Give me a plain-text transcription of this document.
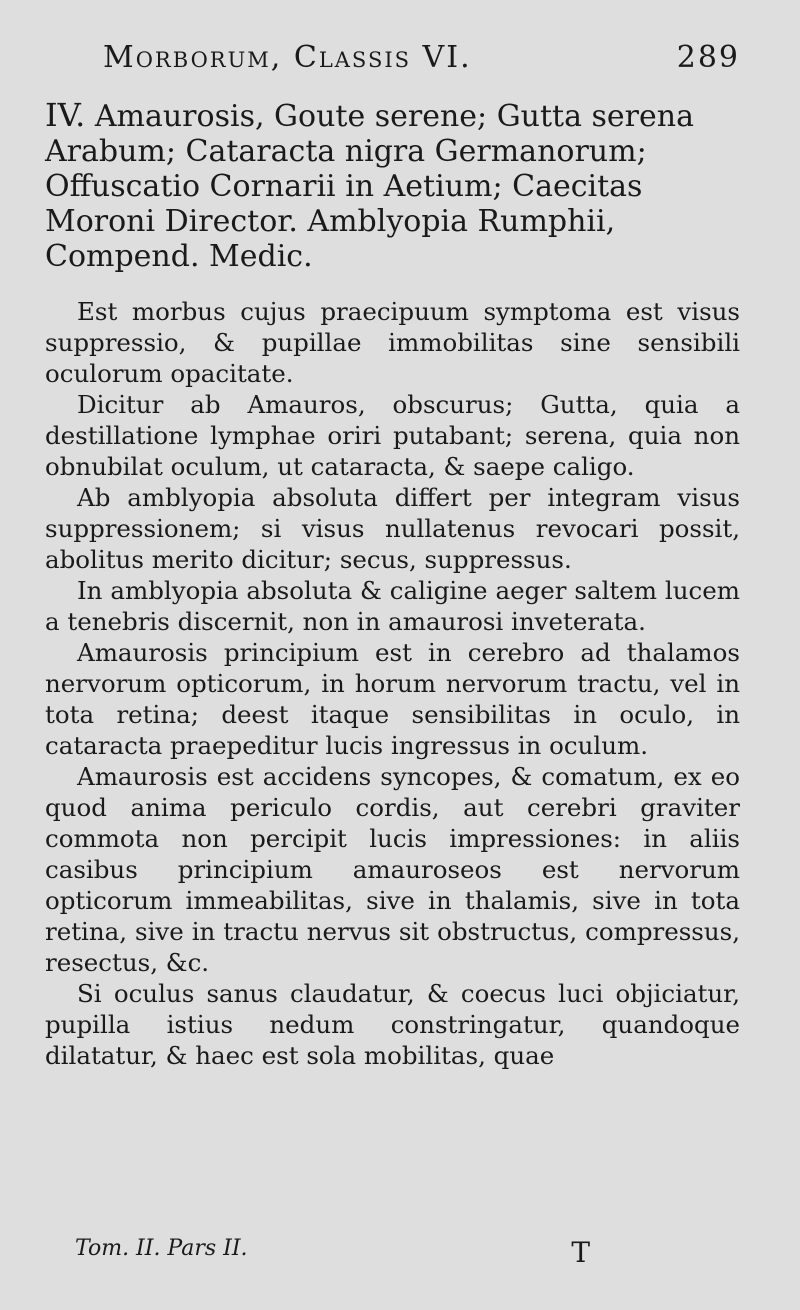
Morborum, Classis VI.	289
IV. Amaurosis, Goute serene; Gutta serena Arabum; Cataracta nigra Germanorum; Offuscatio Cornarii in Aetium; Caecitas Moroni Director. Amblyopia Rumphii, Compend. Medic.

Est morbus cujus praecipuum symptoma est visus suppressio, & pupillae immobilitas sine sensibili oculorum opacitate.

Dicitur ab Amauros, obscurus; Gutta, quia a destillatione lymphae oriri putabant; serena, quia non obnubilat oculum, ut cataracta, & saepe caligo.

Ab amblyopia absoluta differt per integram visus suppressionem; si visus nullatenus revocari possit, abolitus merito dicitur; secus, suppressus.

In amblyopia absoluta & caligine aeger saltem lucem a tenebris discernit, non in amaurosi inveterata.

Amaurosis principium est in cerebro ad thalamos nervorum opticorum, in horum nervorum tractu, vel in tota retina; deest itaque sensibilitas in oculo, in cataracta praepeditur lucis ingressus in oculum.

Amaurosis est accidens syncopes, & comatum, ex eo quod anima periculo cordis, aut cerebri graviter commota non percipit lucis impressiones: in aliis casibus principium amauroseos est nervorum opticorum immeabilitas, sive in thalamis, sive in tota retina, sive in tractu nervus sit obstructus, compressus, resectus, &c.

Si oculus sanus claudatur, & coecus luci objiciatur, pupilla istius nedum constringatur, quandoque dilatatur, & haec est sola mobilitas, quae

Tom. II. Pars II.	T
